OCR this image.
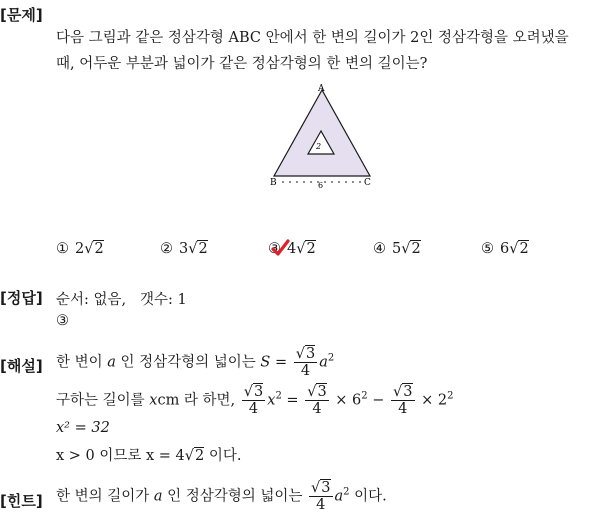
[문제]
다음 그림과 같은 정삼각형 ABC 안에서 한 변의 길이가 2인 정삼각형을 오려냈을
때, 어두운 부분과 넓이가 같은 정삼각형의 한 변의 길이는?
A
B	C
2
6
① 2√2	② 3√2	③ 4√2	④ 5√2	⑤ 6√2
[정답] 순서: 없음,   갯수: 1
③
[해설] 한 변이 a 인 정삼각형의 넓이는 $S = \frac{√3}{4} a^2$
구하는 길이를 xcm 라 하면, $\frac{√3}{4} x^2 = \frac{√3}{4} \times 6^2 - \frac{√3}{4} \times 2^2$
x² = 32
x > 0 이므로 x = 4√2 이다.
[힌트] 한 변의 길이가 a 인 정삼각형의 넓이는 $\frac{√3}{4} a^2$ 이다.
